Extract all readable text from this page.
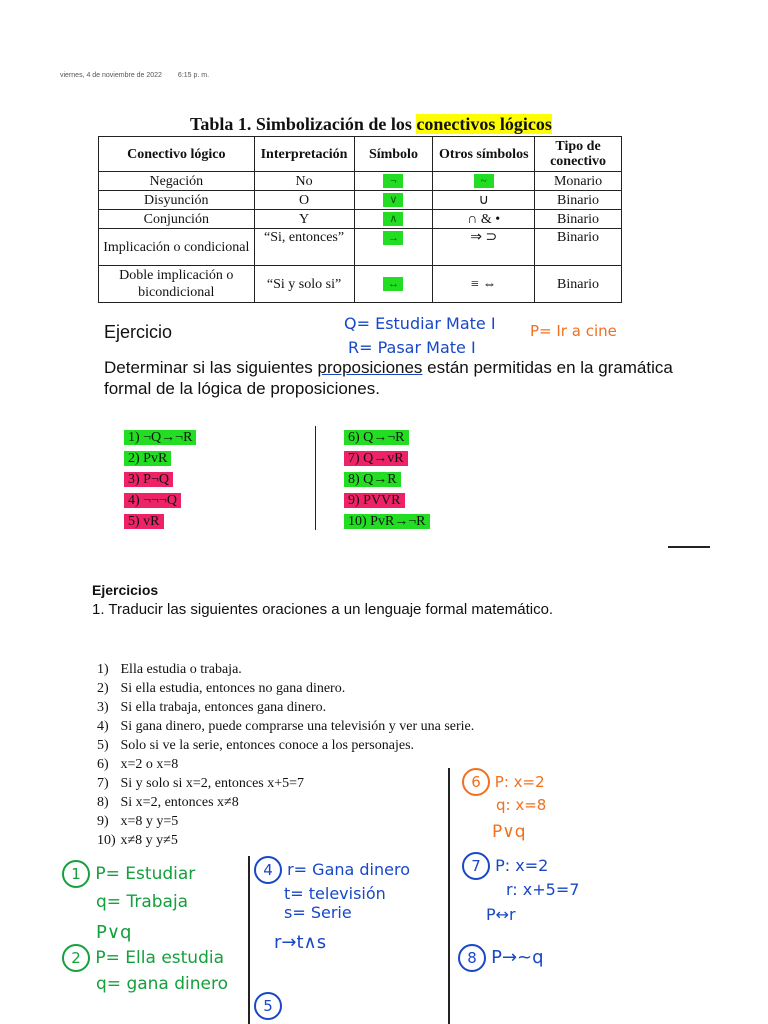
viernes, 4 de noviembre de 2022 6:15 p. m.
Tabla 1. Simbolización de los conectivos lógicos
Conectivo lógico	Interpretación	Símbolo	Otros símbolos	Tipo de conectivo
Negación	No	¬	~	Monario
Disyunción	O	∨	∪	Binario
Conjunción	Y	∧	∩ & •	Binario
Implicación o condicional	“Si, entonces”	→	⇒ ⊃	Binario
Doble implicación o bicondicional	“Si y solo si”	↔	≡ ⇔	Binario
Ejercicio	Q= Estudiar Mate I
R= Pasar Mate I
P= Ir a cine
Determinar si las siguientes proposiciones están permitidas en la gramática formal de la lógica de proposiciones.
1) ¬Q→¬R
2) PvR
3) P¬Q
4) ¬¬¬Q
5) vR
6) Q→¬R
7) Q→vR
8) Q→R
9) PVVR
10) PvR→¬R
Ejercicios
1. Traducir las siguientes oraciones a un lenguaje formal matemático.
1) Ella estudia o trabaja.
2) Si ella estudia, entonces no gana dinero.
3) Si ella trabaja, entonces gana dinero.
4) Si gana dinero, puede comprarse una televisión y ver una serie.
5) Solo si ve la serie, entonces conoce a los personajes.
6) x=2 o x=8
7) Si y solo si x=2, entonces x+5=7
8) Si x=2, entonces x≠8
9) x=8 y y=5
10) x≠8 y y≠5
6 P: x=2
q: x=8
P∨q
7 P: x=2
r: x+5=7
P↔r
8 P→~q
1 P= Estudiar
q= Trabaja
P∨q
2 P= Ella estudia
q= gana dinero
4 r= Gana dinero
t= televisión
s= Serie
r→t∧s
5
